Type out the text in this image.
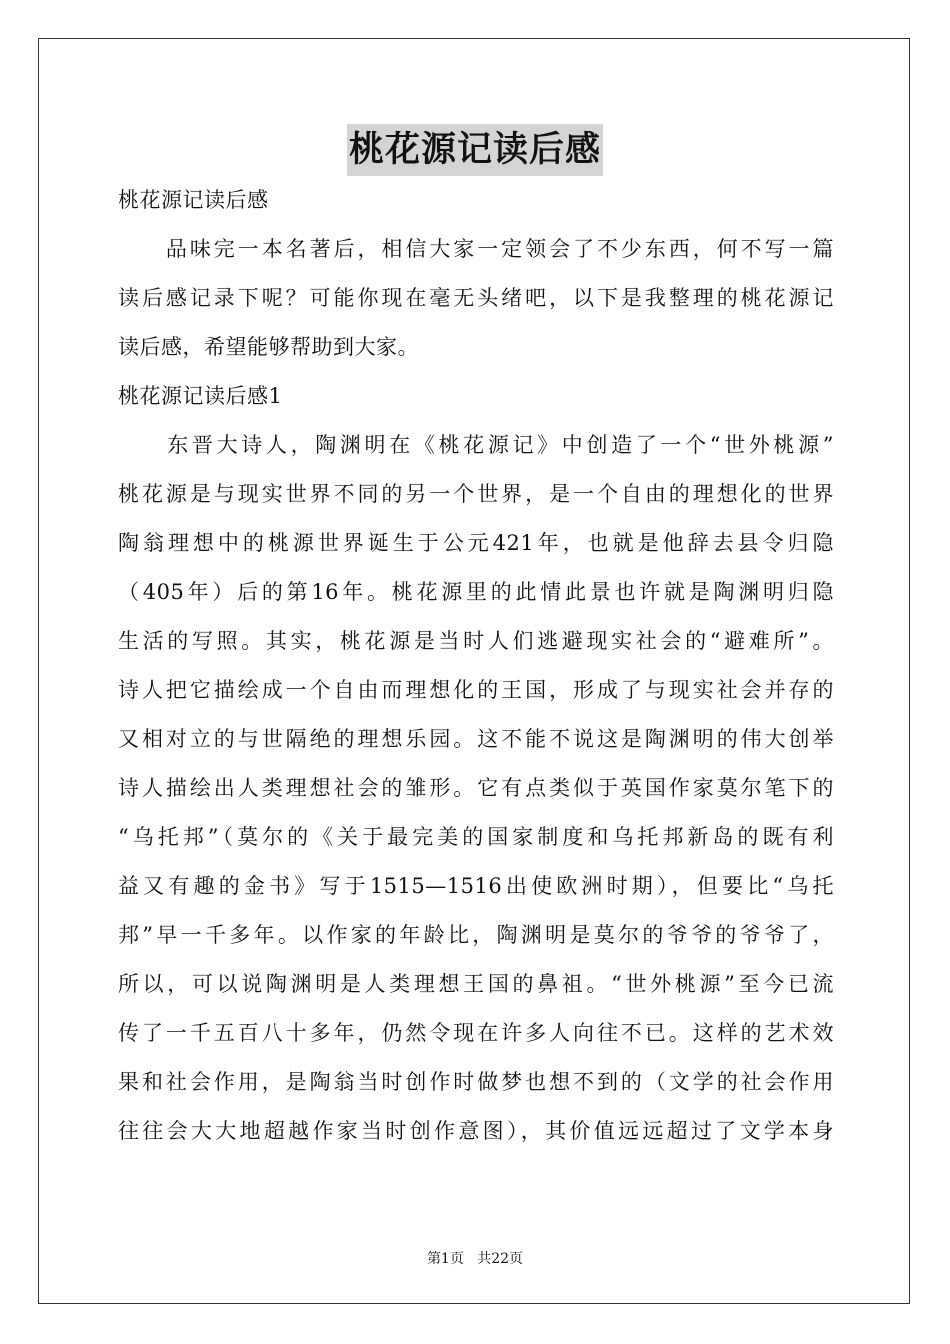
桃花源记读后感

桃花源记读后感

　　品味完一本名著后，相信大家一定领会了不少东西，何不写一篇

读后感记录下呢？可能你现在毫无头绪吧，以下是我整理的桃花源记

读后感，希望能够帮助到大家。

桃花源记读后感1

　　东晋大诗人，陶渊明在《桃花源记》中创造了一个“世外桃源”

桃花源是与现实世界不同的另一个世界，是一个自由的理想化的世界

陶翁理想中的桃源世界诞生于公元421年，也就是他辞去县令归隐

（405年）后的第16年。桃花源里的此情此景也许就是陶渊明归隐

生活的写照。其实，桃花源是当时人们逃避现实社会的“避难所”。

诗人把它描绘成一个自由而理想化的王国，形成了与现实社会并存的

又相对立的与世隔绝的理想乐园。这不能不说这是陶渊明的伟大创举

诗人描绘出人类理想社会的雏形。它有点类似于英国作家莫尔笔下的

“乌托邦”（莫尔的《关于最完美的国家制度和乌托邦新岛的既有利

益又有趣的金书》写于1515—1516出使欧洲时期），但要比“乌托

邦”早一千多年。以作家的年龄比，陶渊明是莫尔的爷爷的爷爷了，

所以，可以说陶渊明是人类理想王国的鼻祖。“世外桃源”至今已流

传了一千五百八十多年，仍然令现在许多人向往不已。这样的艺术效

果和社会作用，是陶翁当时创作时做梦也想不到的（文学的社会作用

往往会大大地超越作家当时创作意图），其价值远远超过了文学本身

第1页 共22页
